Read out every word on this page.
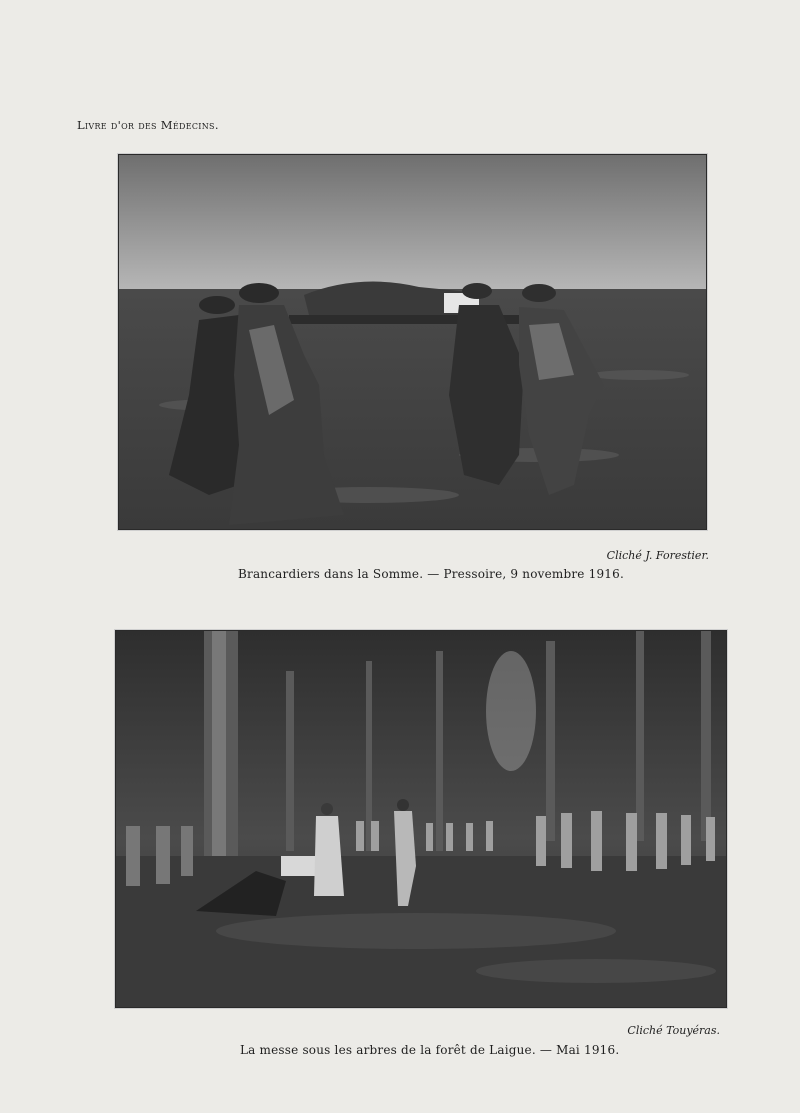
Livre d'or des Médecins.
Cliché J. Forestier.
Brancardiers dans la Somme. — Pressoire, 9 novembre 1916.
Cliché Touyéras.
La messe sous les arbres de la forêt de Laigue. — Mai 1916.
